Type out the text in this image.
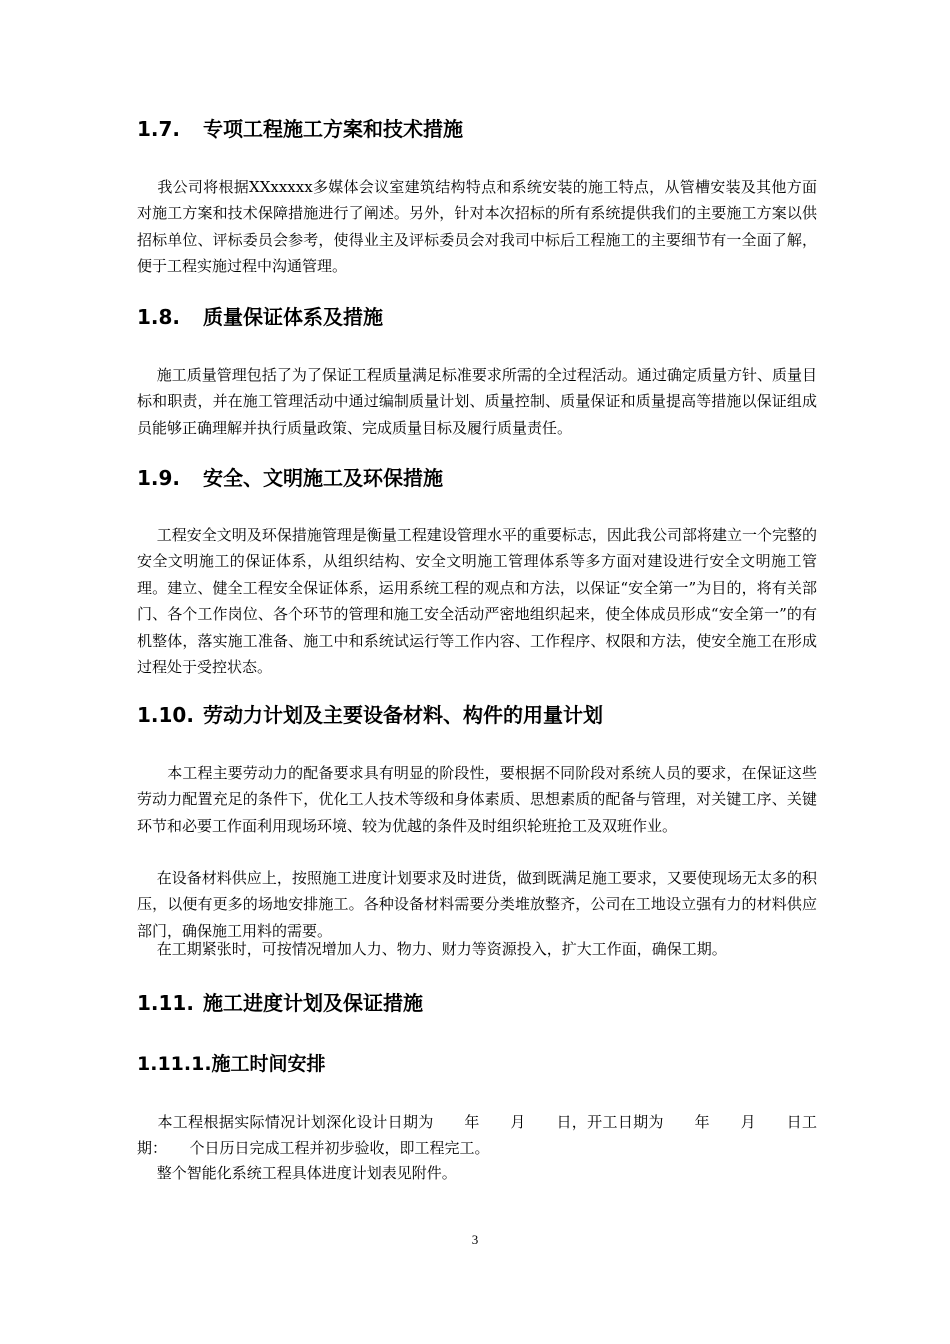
1.7. 专项工程施工方案和技术措施

　 我公司将根据XXxxxxx多媒体会议室建筑结构特点和系统安装的施工特点，从管槽安装及其他方面对施工方案和技术保障措施进行了阐述。另外，针对本次招标的所有系统提供我们的主要施工方案以供招标单位、评标委员会参考，使得业主及评标委员会对我司中标后工程施工的主要细节有一全面了解，便于工程实施过程中沟通管理。

1.8. 质量保证体系及措施

　 施工质量管理包括了为了保证工程质量满足标准要求所需的全过程活动。通过确定质量方针、质量目标和职责，并在施工管理活动中通过编制质量计划、质量控制、质量保证和质量提高等措施以保证组成员能够正确理解并执行质量政策、完成质量目标及履行质量责任。

1.9. 安全、文明施工及环保措施

　 工程安全文明及环保措施管理是衡量工程建设管理水平的重要标志，因此我公司部将建立一个完整的安全文明施工的保证体系，从组织结构、安全文明施工管理体系等多方面对建设进行安全文明施工管理。建立、健全工程安全保证体系，运用系统工程的观点和方法，以保证“安全第一”为目的，将有关部门、各个工作岗位、各个环节的管理和施工安全活动严密地组织起来，使全体成员形成“安全第一”的有机整体，落实施工准备、施工中和系统试运行等工作内容、工作程序、权限和方法，使安全施工在形成过程处于受控状态。

1.10. 劳动力计划及主要设备材料、构件的用量计划

　　本工程主要劳动力的配备要求具有明显的阶段性，要根据不同阶段对系统人员的要求，在保证这些劳动力配置充足的条件下，优化工人技术等级和身体素质、思想素质的配备与管理，对关键工序、关键环节和必要工作面利用现场环境、较为优越的条件及时组织轮班抢工及双班作业。

　 在设备材料供应上，按照施工进度计划要求及时进货，做到既满足施工要求，又要使现场无太多的积压，以便有更多的场地安排施工。各种设备材料需要分类堆放整齐，公司在工地设立强有力的材料供应部门，确保施工用料的需要。

　 在工期紧张时，可按情况增加人力、物力、财力等资源投入，扩大工作面，确保工期。

1.11. 施工进度计划及保证措施
1.11.1.施工时间安排

　 本工程根据实际情况计划深化设计日期为　　年　　月　　日，开工日期为　　年　　月　　日工期：　　个日历日完成工程并初步验收，即工程完工。

　 整个智能化系统工程具体进度计划表见附件。

3
